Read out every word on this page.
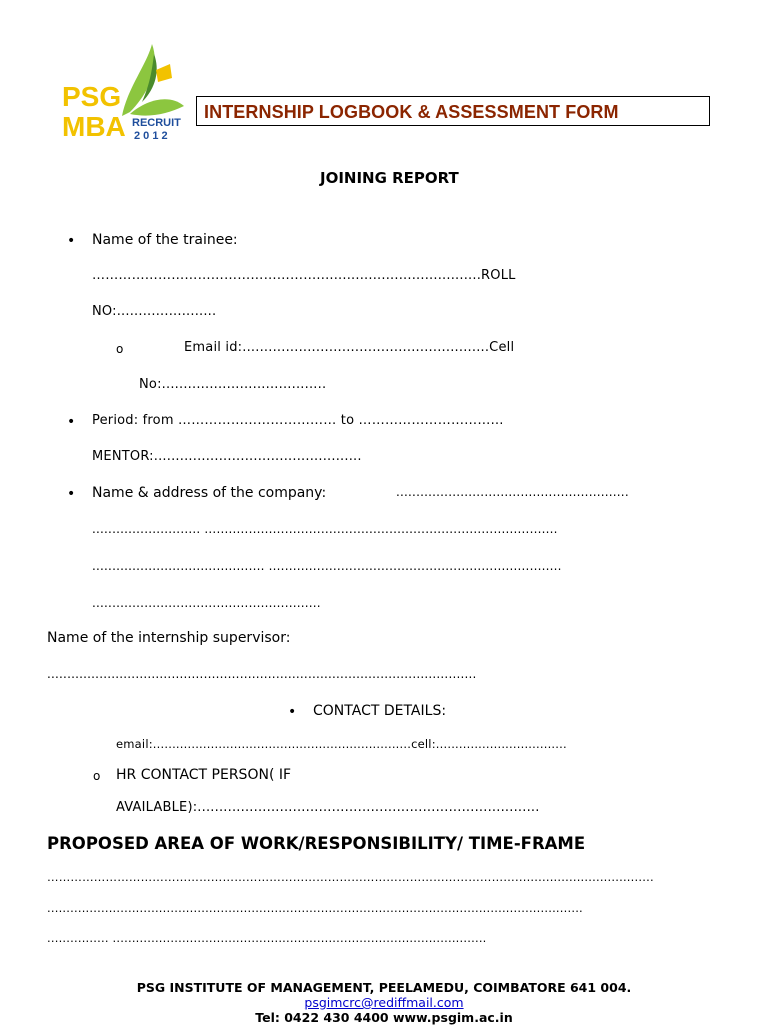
PSG
MBA RECRUIT
2 0 1 2
INTERNSHIP LOGBOOK & ASSESSMENT FORM
JOINING REPORT
• Name of the trainee:
……………………………………………......................................ROLL
NO:.......................
o	Email id:.........................................................Cell
No:......................................
• Period: from ……………………………… to ……………………………
MENTOR:................................................
• Name & address of the company:	..........................................................
........................... ........................................................................................
........................................... .........................................................................
.........................................................
Name of the internship supervisor:
...........................................................................................................
• CONTACT DETAILS:
email:...................................................................cell:..................................
o HR CONTACT PERSON( IF
AVAILABLE):...............................................................................
PROPOSED AREA OF WORK/RESPONSIBILITY/ TIME-FRAME
…………………………………………………………………………………………………………....................................
...........................................................................................................................................
................ .................................................................................................
PSG INSTITUTE OF MANAGEMENT, PEELAMEDU, COIMBATORE 641 004.
psgimcrc@rediffmail.com
Tel: 0422 430 4400 www.psgim.ac.in
